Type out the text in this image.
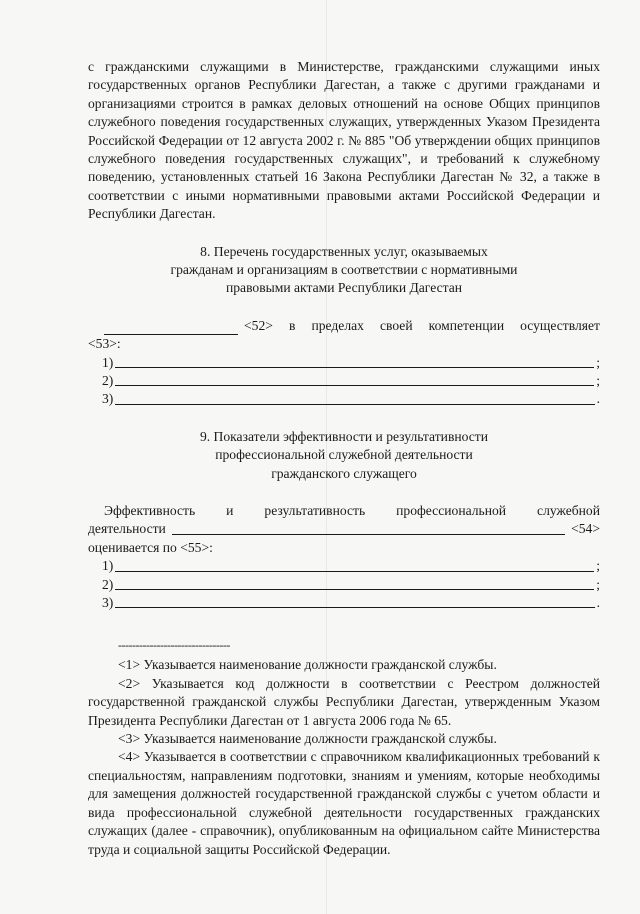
с гражданскими служащими в Министерстве, гражданскими служащими иных государственных органов Республики Дагестан, а также с другими гражданами и организациями строится в рамках деловых отношений на основе Общих принципов служебного поведения государственных служащих, утвержденных Указом Президента Российской Федерации от 12 августа 2002 г. № 885 "Об утверждении общих принципов служебного поведения государственных служащих", и требований к служебному поведению, установленных статьей 16 Закона Республики Дагестан № 32, а также в соответствии с иными нормативными правовыми актами Российской Федерации и Республики Дагестан.

8. Перечень государственных услуг, оказываемых

гражданам и организациям в соответствии с нормативными

правовыми актами Республики Дагестан

<52> в пределах своей компетенции осуществляет

<53>:

1)	;
2)	;
3)	.

9. Показатели эффективности и результативности

профессиональной служебной деятельности

гражданского служащего

Эффективность и результативность профессиональной служебной

деятельности	<54>

оценивается по <55>:

1)	;
2)	;
3)	.
--------------------------------

<1> Указывается наименование должности гражданской службы.

<2> Указывается код должности в соответствии с Реестром должностей государственной гражданской службы Республики Дагестан, утвержденным Указом Президента Республики Дагестан от 1 августа 2006 года № 65.

<3> Указывается наименование должности гражданской службы.

<4> Указывается в соответствии с справочником квалификационных требований к специальностям, направлениям подготовки, знаниям и умениям, которые необходимы для замещения должностей государственной гражданской службы с учетом области и вида профессиональной служебной деятельности государственных гражданских служащих (далее - справочник), опубликованным на официальном сайте Министерства труда и социальной защиты Российской Федерации.
